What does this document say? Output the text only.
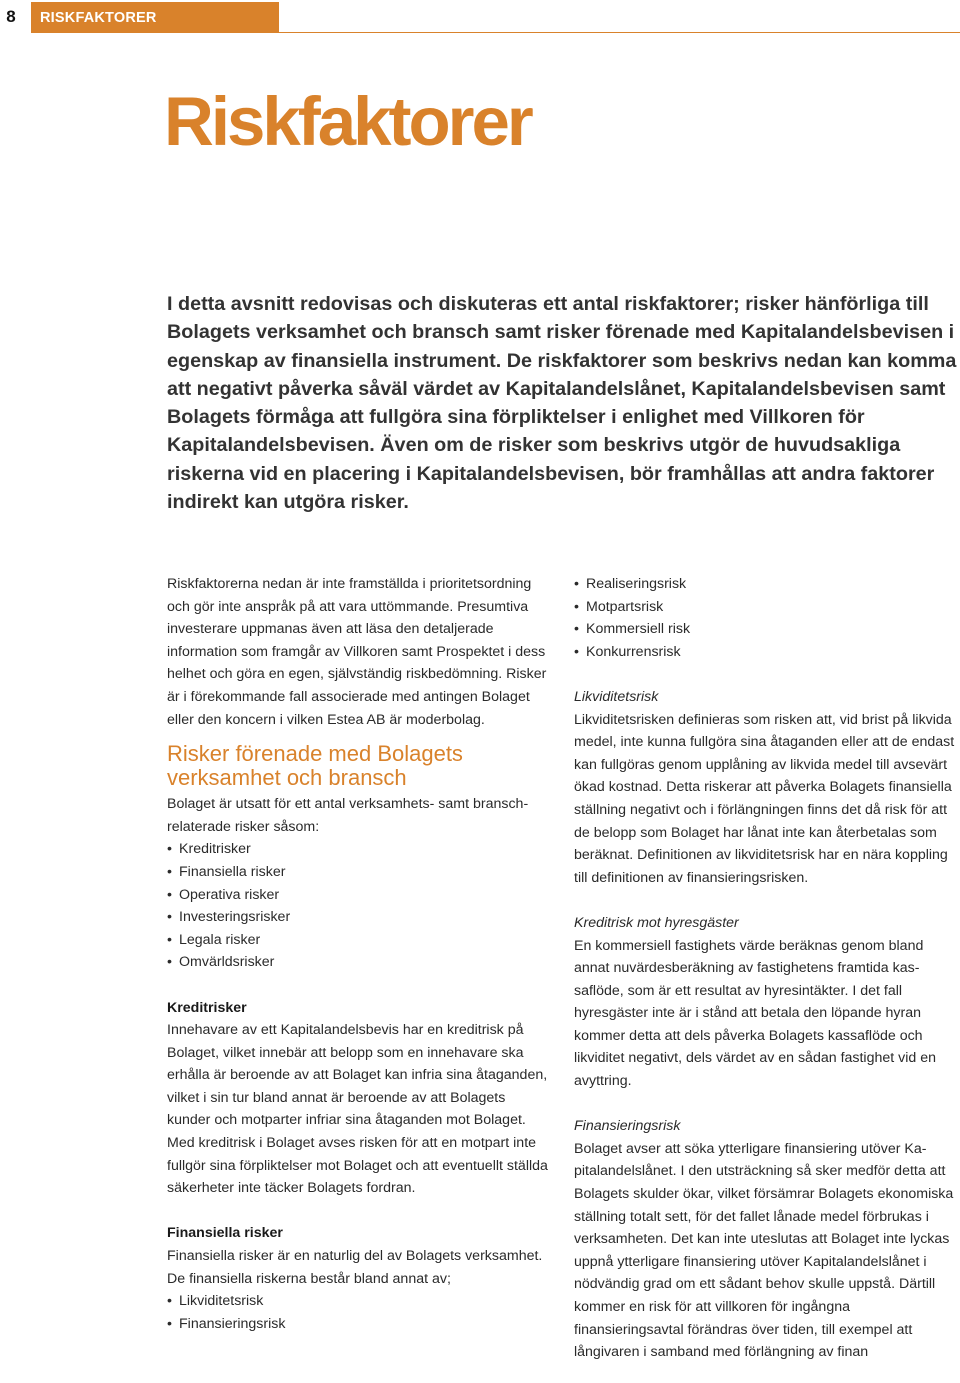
8	RISKFAKTORER
Riskfaktorer

I detta avsnitt redovisas och diskuteras ett antal riskfaktorer; risker hänförliga till Bolagets verksamhet och bransch samt risker förenade med Kapitalandelsbevisen i egenskap av finansiella instrument. De riskfaktorer som beskrivs nedan kan komma att negativt påverka såväl värdet av Kapitalandelslånet, Kapitalandelsbevisen samt Bolagets förmåga att fullgöra sina förpliktelser i enlighet med Villkoren för Kapitalandelsbevisen. Även om de risker som beskrivs utgör de huvudsakliga riskerna vid en placering i Kapitalandelsbevisen, bör framhållas att andra faktorer indirekt kan utgöra risker.

Riskfaktorerna nedan är inte framställda i prioritetsordning och gör inte anspråk på att vara uttömmande. Presumtiva investerare uppmanas även att läsa den detaljerade information som framgår av Villkoren samt Prospektet i dess helhet och göra en egen, självständig riskbedömning. Risker är i förekommande fall associerade med antingen Bolaget eller den koncern i vilken Estea AB är moderbolag.

Risker förenade med Bolagets
verksamhet och bransch

Bolaget är utsatt för ett antal verksamhets- samt branschrelaterade risker såsom:

• Kreditrisker
• Finansiella risker
• Operativa risker
• Investeringsrisker
• Legala risker
• Omvärldsrisker

Kreditrisker

Innehavare av ett Kapitalandelsbevis har en kreditrisk på Bolaget, vilket innebär att belopp som en innehavare ska erhålla är beroende av att Bolaget kan infria sina åtaganden, vilket i sin tur bland annat är beroende av att Bolagets kunder och motparter infriar sina åtaganden mot Bolaget. Med kreditrisk i Bolaget avses risken för att en motpart inte fullgör sina förpliktelser mot Bolaget och att eventuellt ställda säkerheter inte täcker Bolagets fordran.

Finansiella risker

Finansiella risker är en naturlig del av Bolagets verksamhet. De finansiella riskerna består bland annat av;

• Likviditetsrisk
• Finansieringsrisk
• Realiseringsrisk
• Motpartsrisk
• Kommersiell risk
• Konkurrensrisk

Likviditetsrisk

Likviditetsrisken definieras som risken att, vid brist på likvida medel, inte kunna fullgöra sina åtaganden eller att de endast kan fullgöras genom upplåning av likvida medel till avsevärt ökad kostnad. Detta riskerar att påverka Bolagets finansiella ställning negativt och i förlängningen finns det då risk för att de belopp som Bolaget har lånat inte kan återbetalas som beräknat. Definitionen av likviditetsrisk har en nära koppling till definitionen av finansieringsrisken.

Kreditrisk mot hyresgäster

En kommersiell fastighets värde beräknas genom bland annat nuvärdesberäkning av fastighetens framtida kassaflöde, som är ett resultat av hyresintäkter. I det fall hyresgäster inte är i stånd att betala den löpande hyran kommer detta att dels påverka Bolagets kassaflöde och likviditet negativt, dels värdet av en sådan fastighet vid en avyttring.

Finansieringsrisk

Bolaget avser att söka ytterligare finansiering utöver Kapitalandelslånet. I den utsträckning så sker medför detta att Bolagets skulder ökar, vilket försämrar Bolagets ekonomiska ställning totalt sett, för det fallet lånade medel förbrukas i verksamheten. Det kan inte uteslutas att Bolaget inte lyckas uppnå ytterligare finansiering utöver Kapitalandelslånet i nödvändig grad om ett sådant behov skulle uppstå. Därtill kommer en risk för att villkoren för ingångna finansieringsavtal förändras över tiden, till exempel att långivaren i samband med förlängning av finan
